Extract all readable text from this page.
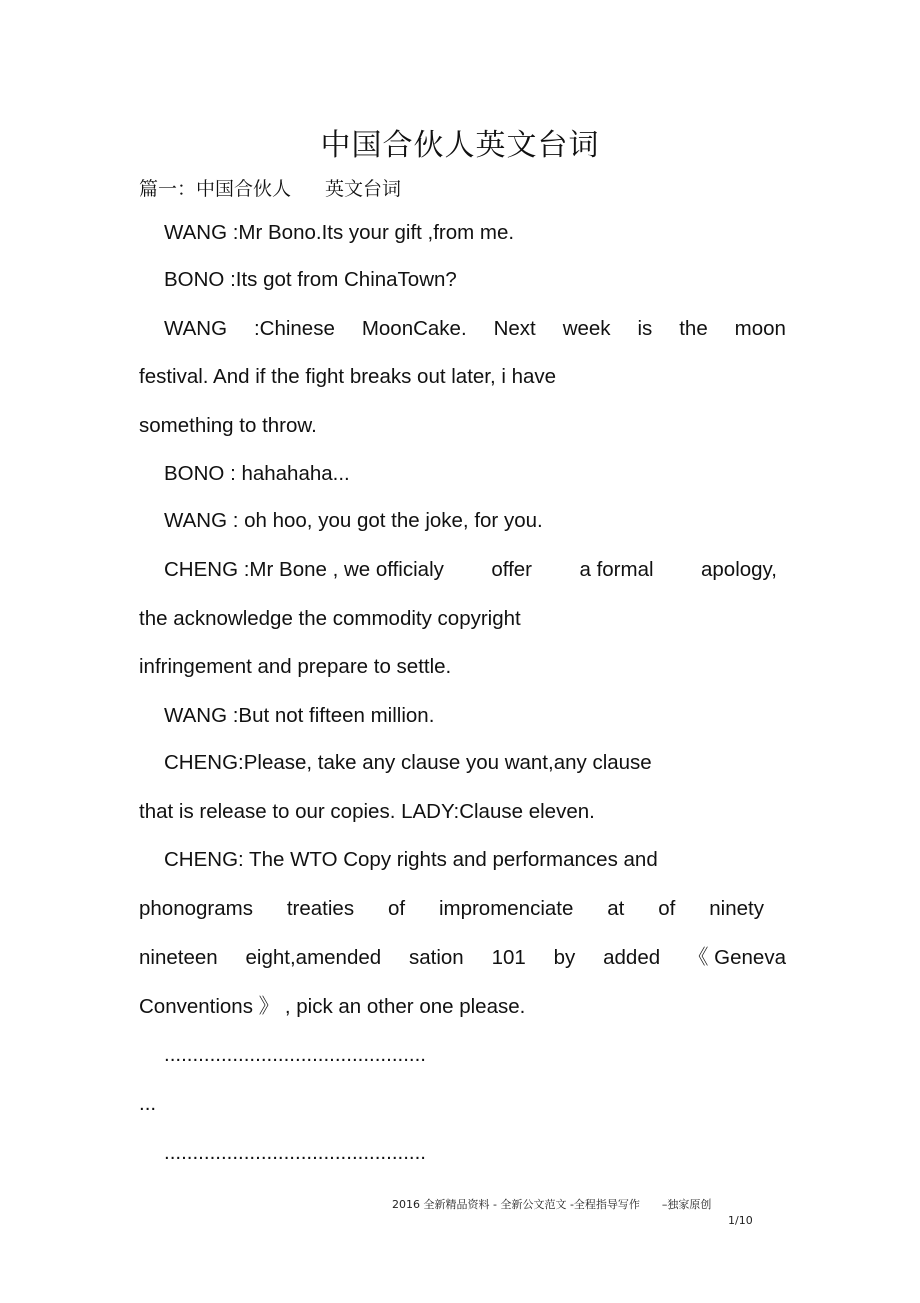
中国合伙人英文台词
篇一：中国合伙人 英文台词
WANG :Mr Bono.Its your gift ,from me.
BONO :Its got from ChinaTown?
WANG :Chinese MoonCake. Next week is the moon
festival. And if the fight breaks out later, i have
something to throw.
BONO : hahahaha...
WANG : oh hoo, you got the joke, for you.
CHENG :Mr Bone , we officialy offer a formal apology,
the acknowledge the commodity copyright
infringement and prepare to settle.
WANG :But not fifteen million.
CHENG:Please, take any clause you want,any clause
that is release to our copies. LADY:Clause eleven.
CHENG: The WTO Copy rights and performances and
phonograms treaties of impromenciate at of ninety
nineteen eight,amended sation 101 by added 《 Geneva
Conventions 》 , pick an other one please.
..............................................
...
..............................................
2016 全新精品资料 - 全新公文范文 -全程指导写作 –独家原创
1/10
